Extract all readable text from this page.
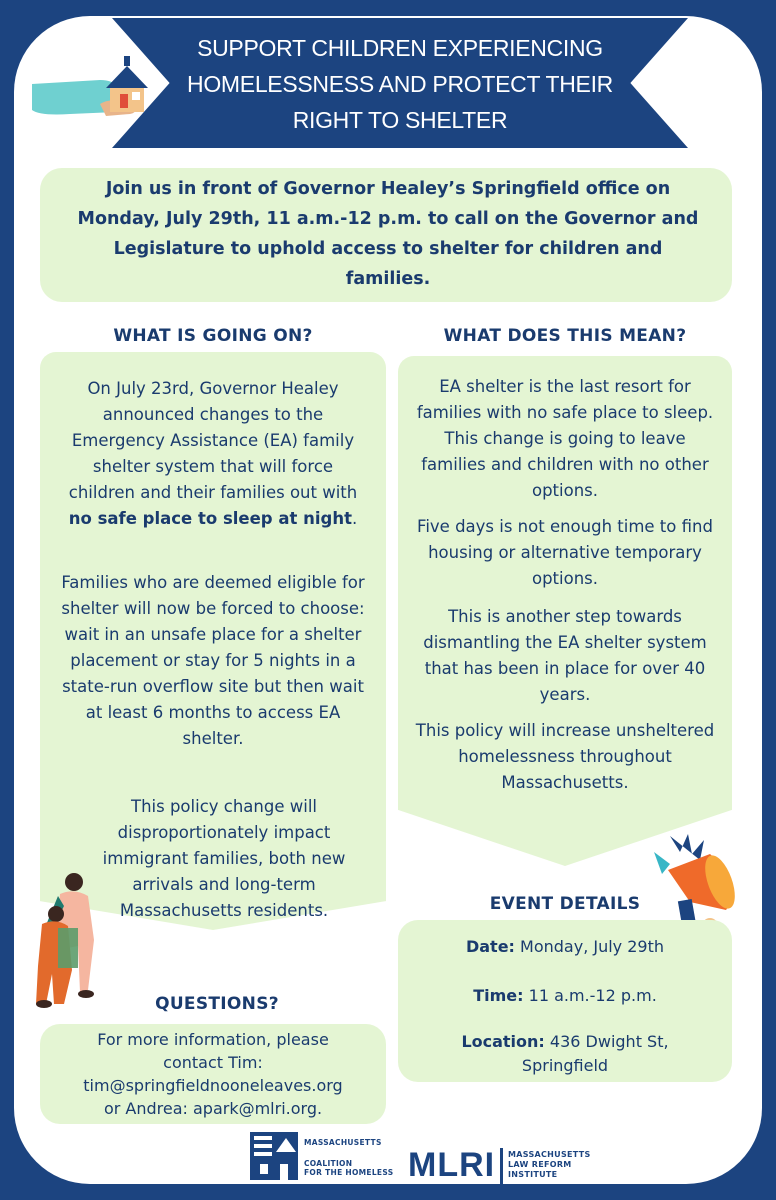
SUPPORT CHILDREN EXPERIENCING
HOMELESSNESS AND PROTECT THEIR
RIGHT TO SHELTER
Join us in front of Governor Healey’s Springfield office on
Monday, July 29th, 11 a.m.-12 p.m. to call on the Governor and
Legislature to uphold access to shelter for children and
families.
WHAT IS GOING ON?	WHAT DOES THIS MEAN?
On July 23rd, Governor Healey announced changes to the Emergency Assistance (EA) family shelter system that will force children and their families out with no safe place to sleep at night.
Families who are deemed eligible for shelter will now be forced to choose: wait in an unsafe place for a shelter placement or stay for 5 nights in a state-run overflow site but then wait at least 6 months to access EA shelter.
This policy change will disproportionately impact immigrant families, both new arrivals and long-term Massachusetts residents.
EA shelter is the last resort for families with no safe place to sleep. This change is going to leave families and children with no other options.
Five days is not enough time to find housing or alternative temporary options.
This is another step towards dismantling the EA shelter system that has been in place for over 40 years.
This policy will increase unsheltered homelessness throughout Massachusetts.
EVENT DETAILS
Date: Monday, July 29th
Time: 11 a.m.-12 p.m.
Location: 436 Dwight St,
Springfield
QUESTIONS?
For more information, please
contact Tim:
tim@springfieldnooneleaves.org
or Andrea: apark@mlri.org.
MASSACHUSETTS
COALITION
FOR THE HOMELESS MLRI MASSACHUSETTS
LAW REFORM
INSTITUTE
